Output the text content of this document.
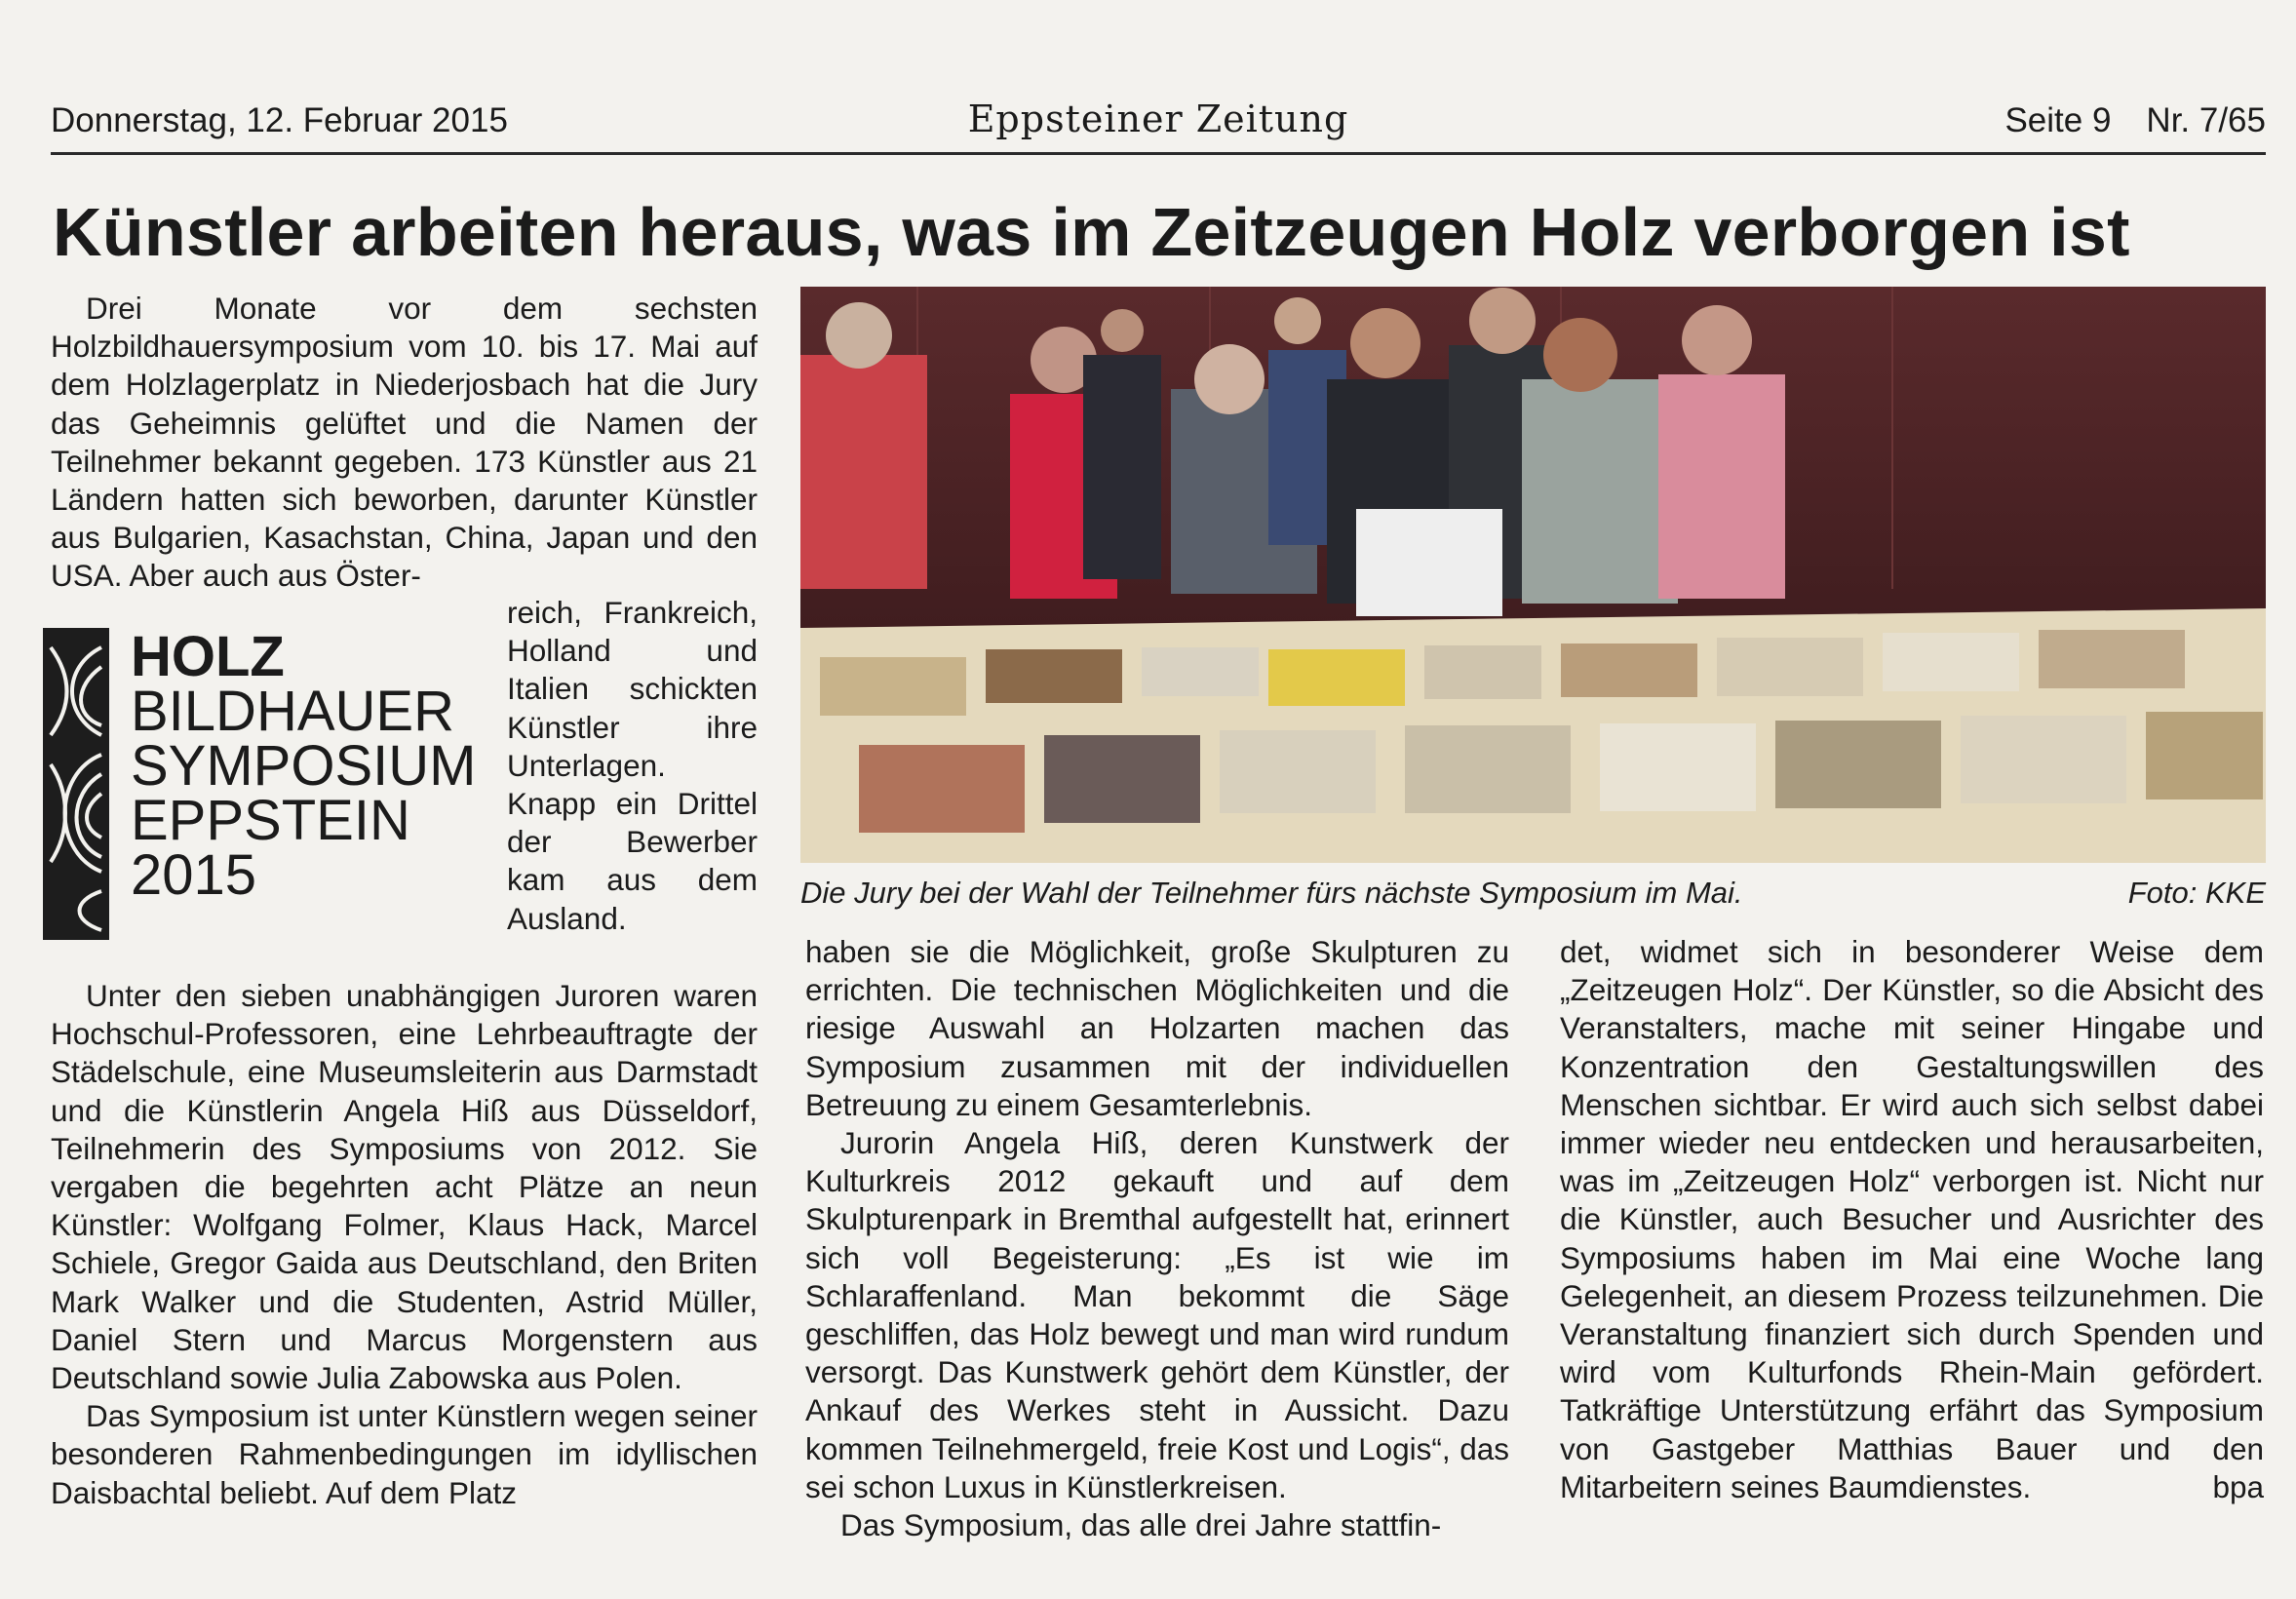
Donnerstag, 12. Februar 2015	Eppsteiner Zeitung	Seite 9 Nr. 7/65
Künstler arbeiten heraus, was im Zeitzeugen Holz verborgen ist

Drei Monate vor dem sechsten Holzbildhauersymposium vom 10. bis 17. Mai auf dem Holzlagerplatz in Niederjosbach hat die Jury das Geheimnis gelüftet und die Namen der Teilnehmer bekannt gegeben. 173 Künstler aus 21 Ländern hatten sich beworben, darunter Künstler aus Bulgarien, Kasachstan, China, Japan und den USA. Aber auch aus Öster-

HOLZ
BILDHAUER
SYMPOSIUM
EPPSTEIN
2015

reich, Frankreich, Holland und Italien schickten Künstler ihre Unterlagen. Knapp ein Drittel der Bewerber kam aus dem Ausland.

Unter den sieben unabhängigen Juroren waren Hochschul-Professoren, eine Lehrbeauftragte der Städelschule, eine Museumsleiterin aus Darmstadt und die Künstlerin Angela Hiß aus Düsseldorf, Teilnehmerin des Symposiums von 2012. Sie vergaben die begehrten acht Plätze an neun Künstler: Wolfgang Folmer, Klaus Hack, Marcel Schiele, Gregor Gaida aus Deutschland, den Briten Mark Walker und die Studenten, Astrid Müller, Daniel Stern und Marcus Morgenstern aus Deutschland sowie Julia Zabowska aus Polen.

Das Symposium ist unter Künstlern wegen seiner besonderen Rahmenbedingungen im idyllischen Daisbachtal beliebt. Auf dem Platz

Die Jury bei der Wahl der Teilnehmer fürs nächste Symposium im Mai.	Foto: KKE

haben sie die Möglichkeit, große Skulpturen zu errichten. Die technischen Möglichkeiten und die riesige Auswahl an Holzarten machen das Symposium zusammen mit der individuellen Betreuung zu einem Gesamterlebnis.

Jurorin Angela Hiß, deren Kunstwerk der Kulturkreis 2012 gekauft und auf dem Skulpturenpark in Bremthal aufgestellt hat, erinnert sich voll Begeisterung: „Es ist wie im Schlaraffenland. Man bekommt die Säge geschliffen, das Holz bewegt und man wird rundum versorgt. Das Kunstwerk gehört dem Künstler, der Ankauf des Werkes steht in Aussicht. Dazu kommen Teilnehmergeld, freie Kost und Logis“, das sei schon Luxus in Künstlerkreisen.

Das Symposium, das alle drei Jahre stattfin-

det, widmet sich in besonderer Weise dem „Zeitzeugen Holz“. Der Künstler, so die Absicht des Veranstalters, mache mit seiner Hingabe und Konzentration den Gestaltungswillen des Menschen sichtbar. Er wird auch sich selbst dabei immer wieder neu entdecken und herausarbeiten, was im „Zeitzeugen Holz“ verborgen ist. Nicht nur die Künstler, auch Besucher und Ausrichter des Symposiums haben im Mai eine Woche lang Gelegenheit, an diesem Prozess teilzunehmen. Die Veranstaltung finanziert sich durch Spenden und wird vom Kulturfonds Rhein-Main gefördert. Tatkräftige Unterstützung erfährt das Symposium von Gastgeber Matthias Bauer und den Mitarbeitern seines Baumdienstes.	bpa
